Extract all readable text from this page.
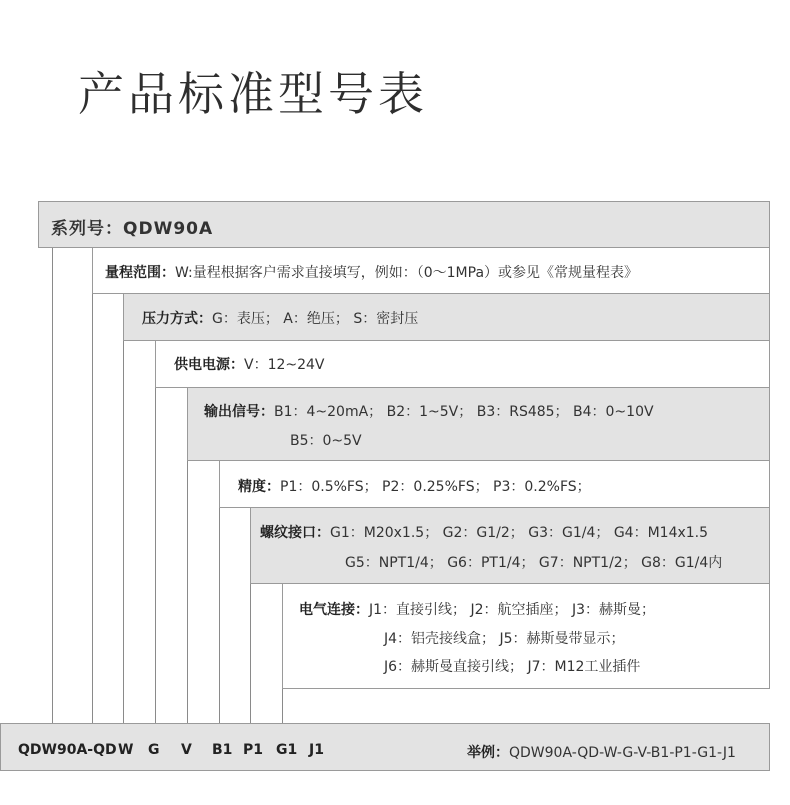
产品标准型号表
系列号：QDW90A
量程范围：W:量程根据客户需求直接填写，例如：（0～1MPa）或参见《常规量程表》
压力方式：G：表压； A：绝压； S：密封压
供电电源：V：12~24V
输出信号：B1：4~20mA； B2：1~5V； B3：RS485； B4：0~10V
B5：0~5V
精度：P1：0.5%FS； P2：0.25%FS； P3：0.2%FS；
螺纹接口：G1：M20x1.5； G2：G1/2； G3：G1/4； G4：M14x1.5
G5：NPT1/4； G6：PT1/4； G7：NPT1/2； G8：G1/4内
电气连接：J1：直接引线； J2：航空插座； J3：赫斯曼；
J4：铝壳接线盒； J5：赫斯曼带显示；
J6：赫斯曼直接引线； J7：M12工业插件
QDW90A-QD W G V B1 P1 G1 J1	举例：QDW90A-QD-W-G-V-B1-P1-G1-J1
